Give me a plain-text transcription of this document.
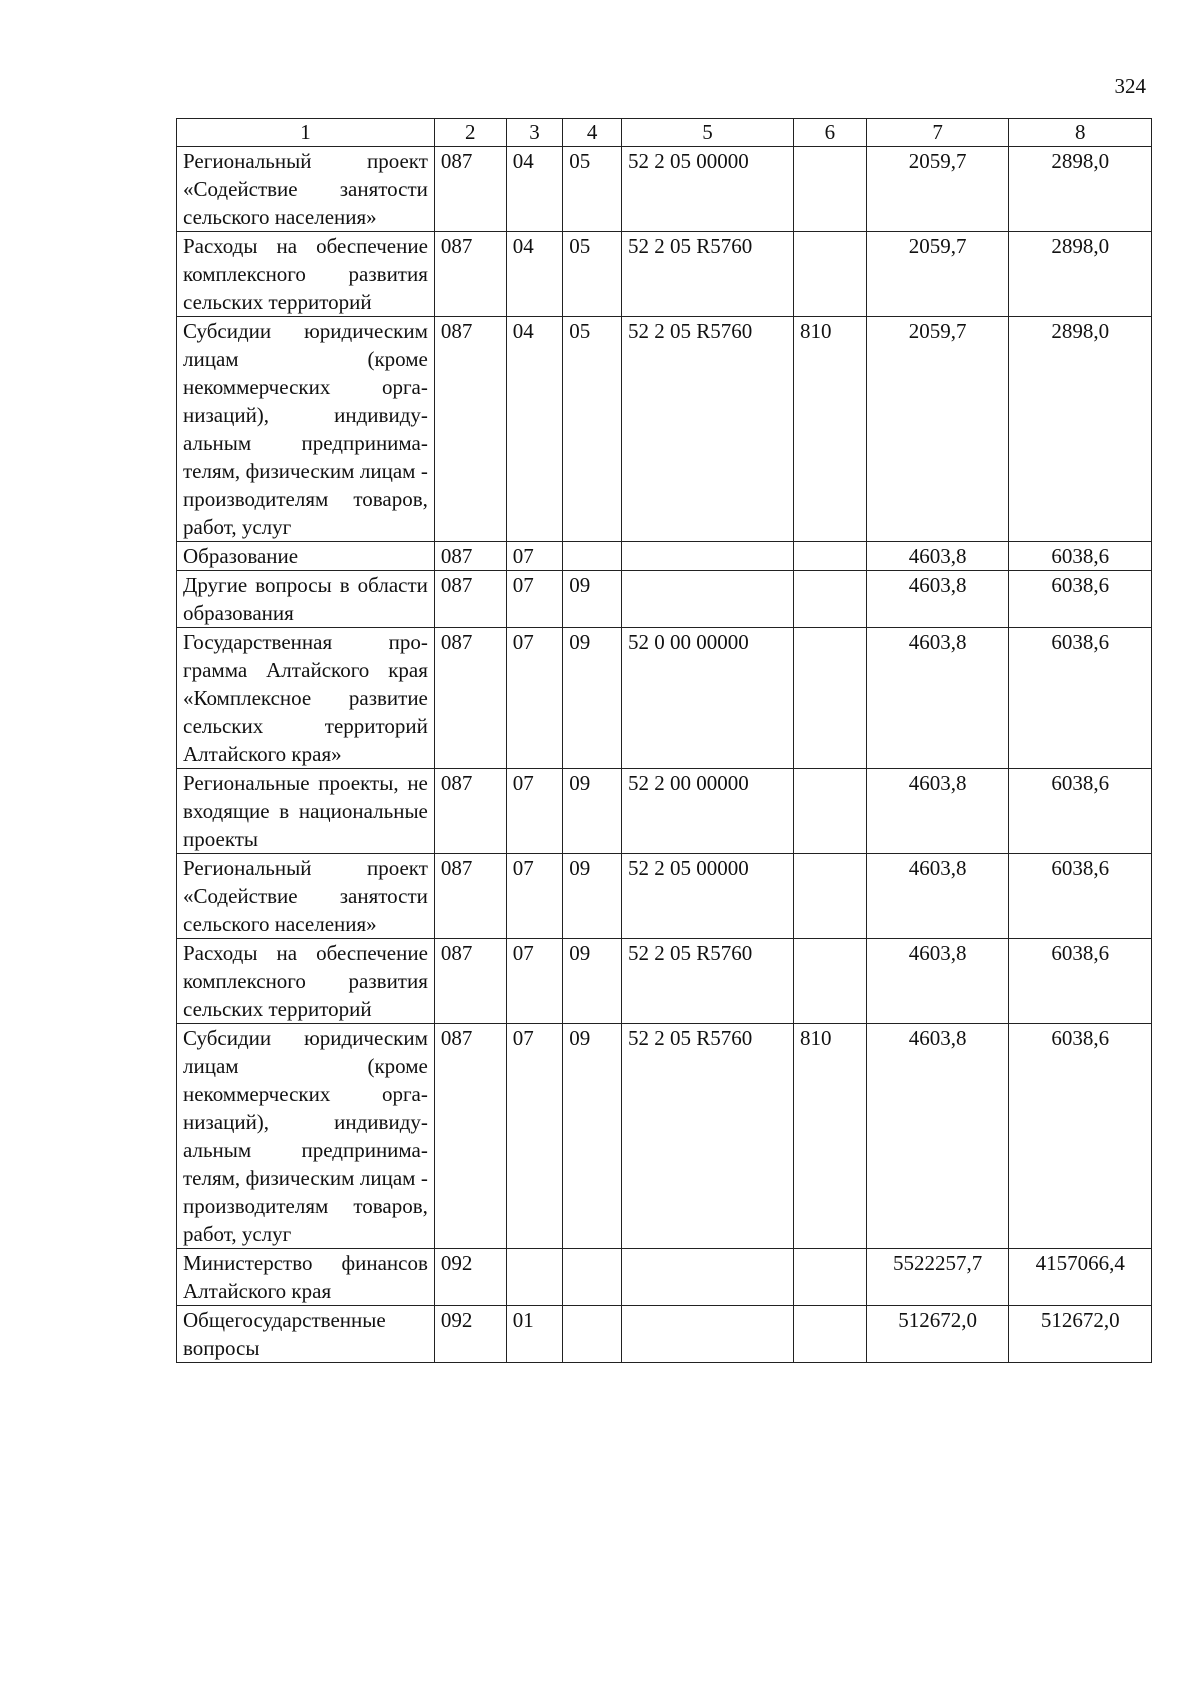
324
1	2	3	4	5	6	7	8
Региональный проект «Содействие занятости сельского населения»	087	04	05	52 2 05 00000		2059,7	2898,0
Расходы на обеспечение комплексного развития сельских территорий	087	04	05	52 2 05 R5760		2059,7	2898,0
Субсидии юридическим лицам (кроме некоммерческих организаций), индивидуальным предпринимателям, физическим лицам - производителям товаров, работ, услуг	087	04	05	52 2 05 R5760	810	2059,7	2898,0
Образование	087	07				4603,8	6038,6
Другие вопросы в области образования	087	07	09			4603,8	6038,6
Государственная программа Алтайского края «Комплексное развитие сельских территорий Алтайского края»	087	07	09	52 0 00 00000		4603,8	6038,6
Региональные проекты, не входящие в национальные проекты	087	07	09	52 2 00 00000		4603,8	6038,6
Региональный проект «Содействие занятости сельского населения»	087	07	09	52 2 05 00000		4603,8	6038,6
Расходы на обеспечение комплексного развития сельских территорий	087	07	09	52 2 05 R5760		4603,8	6038,6
Субсидии юридическим лицам (кроме некоммерческих организаций), индивидуальным предпринимателям, физическим лицам - производителям товаров, работ, услуг	087	07	09	52 2 05 R5760	810	4603,8	6038,6
Министерство финансов Алтайского края	092					5522257,7	4157066,4
Общегосударственные вопросы	092	01				512672,0	512672,0
